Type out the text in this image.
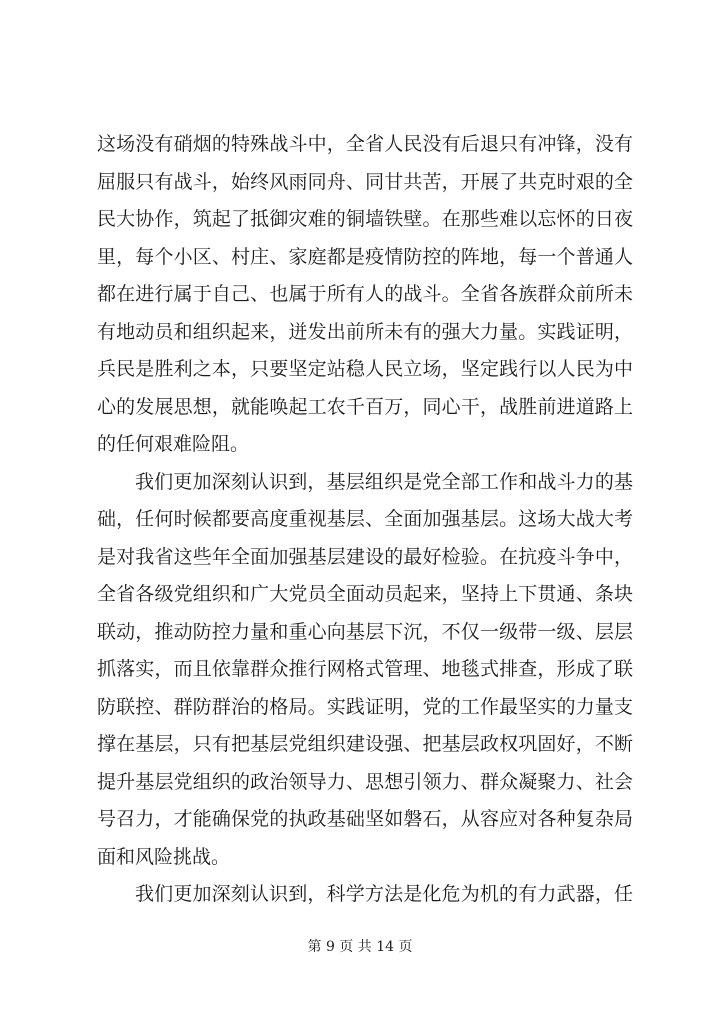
这场没有硝烟的特殊战斗中，全省人民没有后退只有冲锋，没有
屈服只有战斗，始终风雨同舟、同甘共苦，开展了共克时艰的全
民大协作，筑起了抵御灾难的铜墙铁壁。在那些难以忘怀的日夜
里，每个小区、村庄、家庭都是疫情防控的阵地，每一个普通人
都在进行属于自己、也属于所有人的战斗。全省各族群众前所未
有地动员和组织起来，迸发出前所未有的强大力量。实践证明，
兵民是胜利之本，只要坚定站稳人民立场，坚定践行以人民为中
心的发展思想，就能唤起工农千百万，同心干，战胜前进道路上
的任何艰难险阻。
我们更加深刻认识到，基层组织是党全部工作和战斗力的基
础，任何时候都要高度重视基层、全面加强基层。这场大战大考
是对我省这些年全面加强基层建设的最好检验。在抗疫斗争中，
全省各级党组织和广大党员全面动员起来，坚持上下贯通、条块
联动，推动防控力量和重心向基层下沉，不仅一级带一级、层层
抓落实，而且依靠群众推行网格式管理、地毯式排查，形成了联
防联控、群防群治的格局。实践证明，党的工作最坚实的力量支
撑在基层，只有把基层党组织建设强、把基层政权巩固好，不断
提升基层党组织的政治领导力、思想引领力、群众凝聚力、社会
号召力，才能确保党的执政基础坚如磐石，从容应对各种复杂局
面和风险挑战。
我们更加深刻认识到，科学方法是化危为机的有力武器，任
第 9 页 共 14 页
